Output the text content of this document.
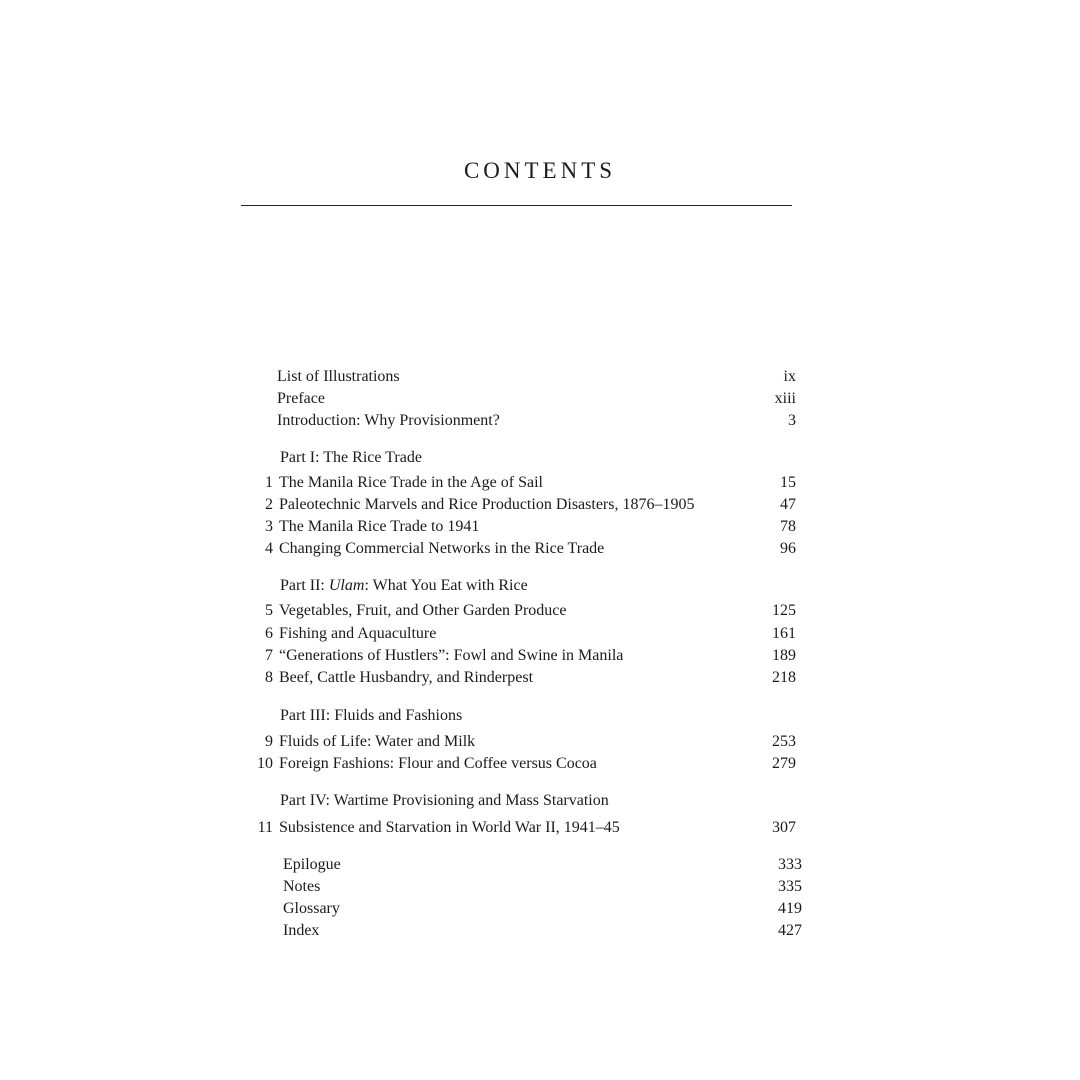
CONTENTS
List of Illustrations	ix
Preface	xiii
Introduction: Why Provisionment?	3
Part I: The Rice Trade
1 The Manila Rice Trade in the Age of Sail	15
2 Paleotechnic Marvels and Rice Production Disasters, 1876–1905	47
3 The Manila Rice Trade to 1941	78
4 Changing Commercial Networks in the Rice Trade	96
Part II: Ulam: What You Eat with Rice
5 Vegetables, Fruit, and Other Garden Produce	125
6 Fishing and Aquaculture	161
7 “Generations of Hustlers”: Fowl and Swine in Manila	189
8 Beef, Cattle Husbandry, and Rinderpest	218
Part III: Fluids and Fashions
9 Fluids of Life: Water and Milk	253
10 Foreign Fashions: Flour and Coffee versus Cocoa	279
Part IV: Wartime Provisioning and Mass Starvation
11 Subsistence and Starvation in World War II, 1941–45	307
Epilogue	333
Notes	335
Glossary	419
Index	427
